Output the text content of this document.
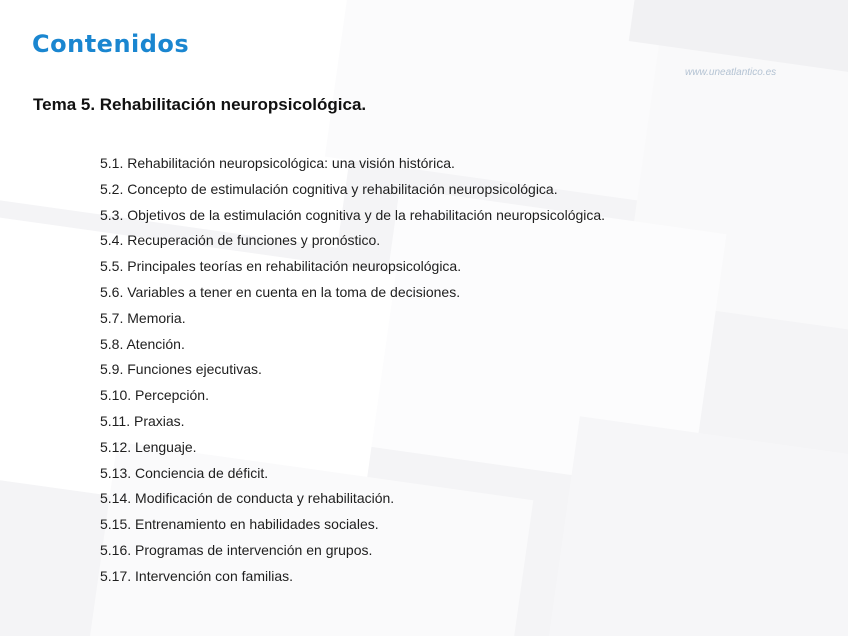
Contenidos
www.uneatlantico.es
Tema 5. Rehabilitación neuropsicológica.
5.1. Rehabilitación neuropsicológica: una visión histórica.
5.2. Concepto de estimulación cognitiva y rehabilitación neuropsicológica.
5.3. Objetivos de la estimulación cognitiva y de la rehabilitación neuropsicológica.
5.4. Recuperación de funciones y pronóstico.
5.5. Principales teorías en rehabilitación neuropsicológica.
5.6. Variables a tener en cuenta en la toma de decisiones.
5.7. Memoria.
5.8. Atención.
5.9. Funciones ejecutivas.
5.10. Percepción.
5.11. Praxias.
5.12. Lenguaje.
5.13. Conciencia de déficit.
5.14. Modificación de conducta y rehabilitación.
5.15. Entrenamiento en habilidades sociales.
5.16. Programas de intervención en grupos.
5.17. Intervención con familias.
